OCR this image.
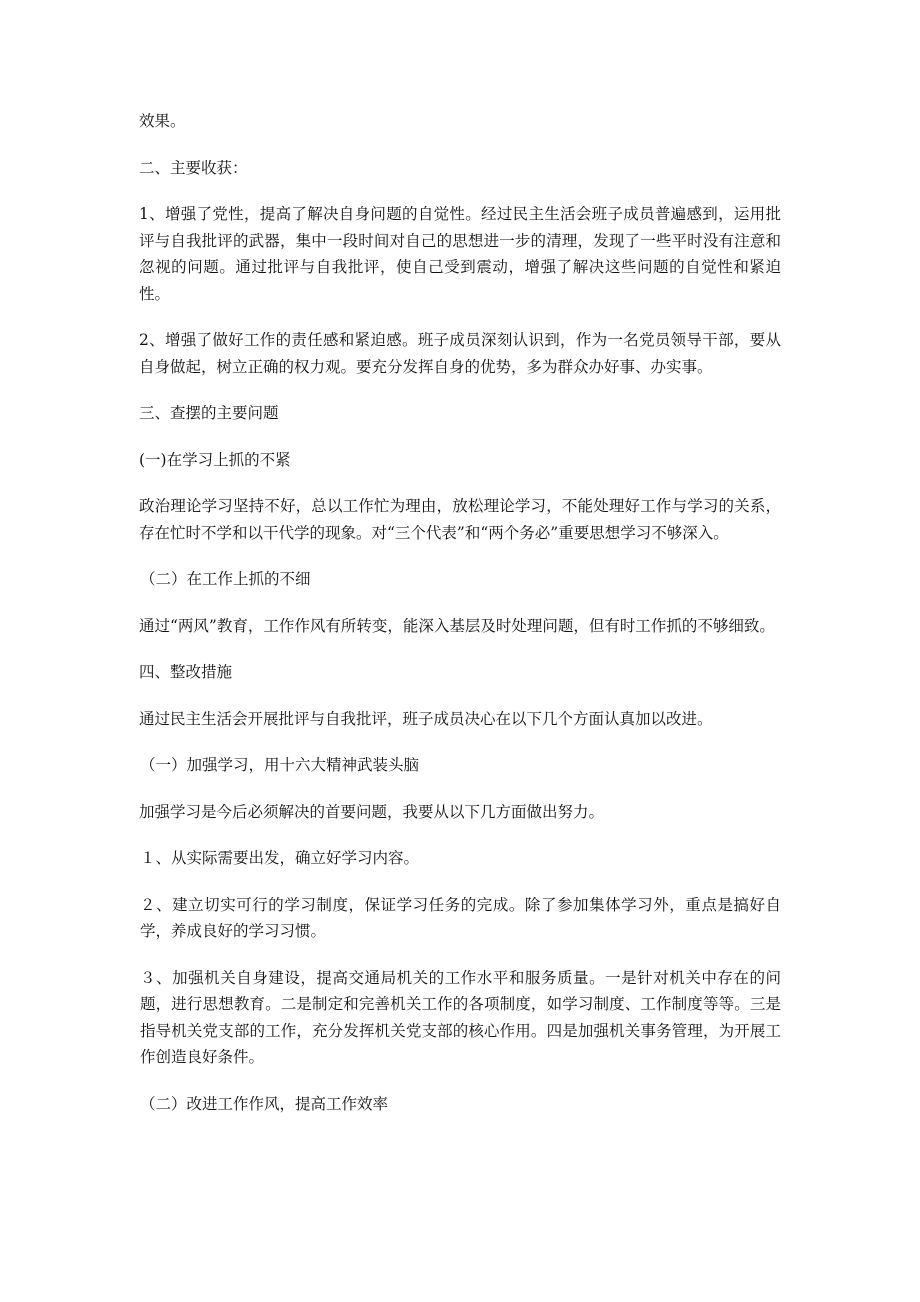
效果。

二、主要收获：

1、增强了党性，提高了解决自身问题的自觉性。经过民主生活会班子成员普遍感到，运用批评与自我批评的武器，集中一段时间对自己的思想进一步的清理，发现了一些平时没有注意和忽视的问题。通过批评与自我批评，使自己受到震动，增强了解决这些问题的自觉性和紧迫性。

2、增强了做好工作的责任感和紧迫感。班子成员深刻认识到，作为一名党员领导干部，要从自身做起，树立正确的权力观。要充分发挥自身的优势，多为群众办好事、办实事。

三、查摆的主要问题

(一)在学习上抓的不紧

政治理论学习坚持不好，总以工作忙为理由，放松理论学习，不能处理好工作与学习的关系，存在忙时不学和以干代学的现象。对“三个代表”和“两个务必”重要思想学习不够深入。

（二）在工作上抓的不细

通过“两风”教育，工作作风有所转变，能深入基层及时处理问题，但有时工作抓的不够细致。

四、整改措施

通过民主生活会开展批评与自我批评，班子成员决心在以下几个方面认真加以改进。

（一）加强学习，用十六大精神武装头脑

加强学习是今后必须解决的首要问题，我要从以下几方面做出努力。

１、从实际需要出发，确立好学习内容。

２、建立切实可行的学习制度，保证学习任务的完成。除了参加集体学习外，重点是搞好自学，养成良好的学习习惯。

３、加强机关自身建设，提高交通局机关的工作水平和服务质量。一是针对机关中存在的问题，进行思想教育。二是制定和完善机关工作的各项制度，如学习制度、工作制度等等。三是指导机关党支部的工作，充分发挥机关党支部的核心作用。四是加强机关事务管理，为开展工作创造良好条件。

（二）改进工作作风，提高工作效率
